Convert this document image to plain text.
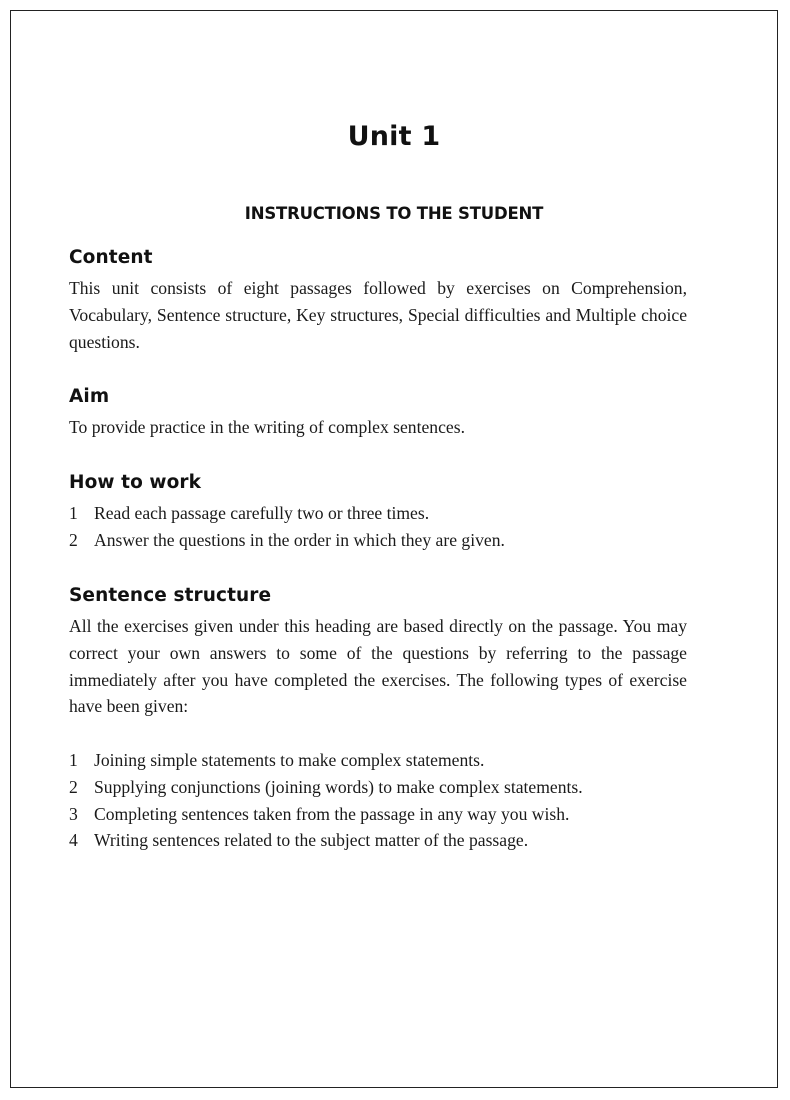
Unit 1
INSTRUCTIONS TO THE STUDENT
Content

This unit consists of eight passages followed by exercises on Comprehension, Vocabulary, Sentence structure, Key structures, Special difficulties and Multiple choice questions.

Aim

To provide practice in the writing of complex sentences.

How to work
1 Read each passage carefully two or three times.
2 Answer the questions in the order in which they are given.
Sentence structure

All the exercises given under this heading are based directly on the passage. You may correct your own answers to some of the questions by referring to the passage immediately after you have completed the exercises. The following types of exercise have been given:

1 Joining simple statements to make complex statements.
2 Supplying conjunctions (joining words) to make complex statements.
3 Completing sentences taken from the passage in any way you wish.
4 Writing sentences related to the subject matter of the passage.
